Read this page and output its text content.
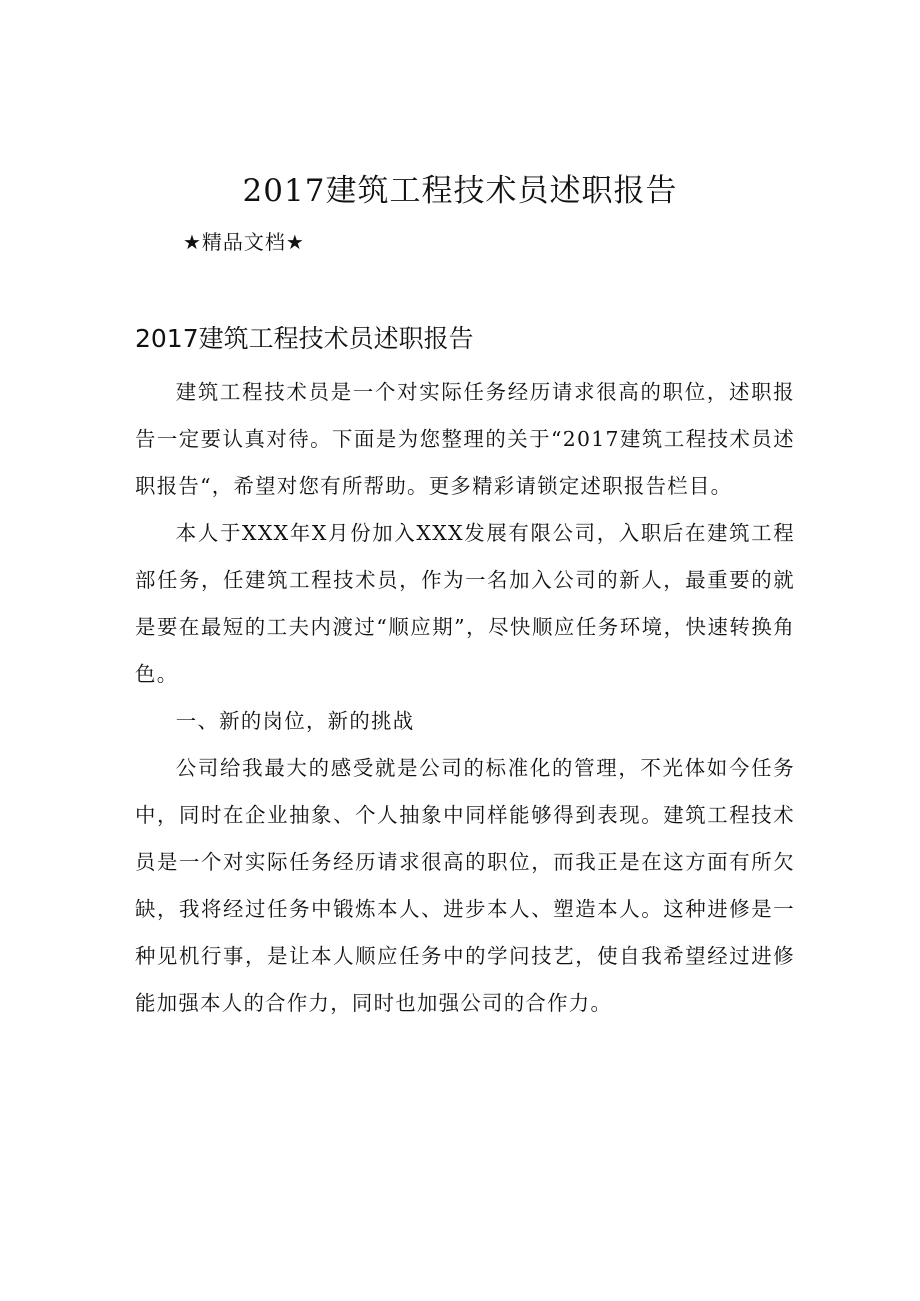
2017建筑工程技术员述职报告

★精品文档★

2017建筑工程技术员述职报告

建筑工程技术员是一个对实际任务经历请求很高的职位，述职报告一定要认真对待。下面是为您整理的关于“2017建筑工程技术员述职报告“，希望对您有所帮助。更多精彩请锁定述职报告栏目。

本人于XXX年X月份加入XXX发展有限公司，入职后在建筑工程部任务，任建筑工程技术员，作为一名加入公司的新人，最重要的就是要在最短的工夫内渡过“顺应期”，尽快顺应任务环境，快速转换角色。

一、新的岗位，新的挑战

公司给我最大的感受就是公司的标准化的管理，不光体如今任务中，同时在企业抽象、个人抽象中同样能够得到表现。建筑工程技术员是一个对实际任务经历请求很高的职位，而我正是在这方面有所欠缺，我将经过任务中锻炼本人、进步本人、塑造本人。这种进修是一种见机行事，是让本人顺应任务中的学问技艺，使自我希望经过进修能加强本人的合作力，同时也加强公司的合作力。
